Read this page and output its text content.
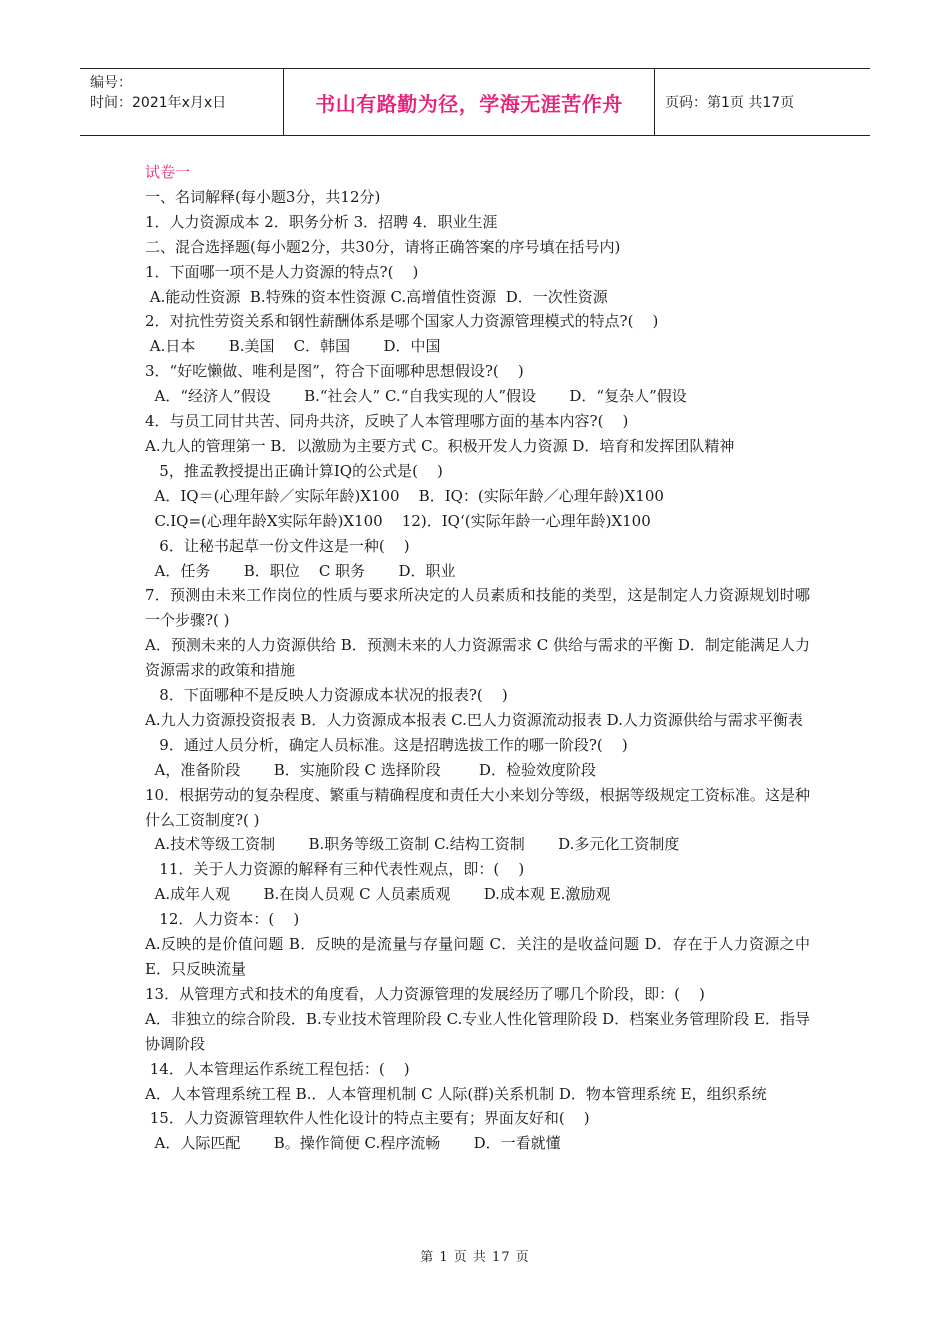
编号：
时间：2021年x月x日	书山有路勤为径，学海无涯苦作舟	页码：第1页 共17页
试卷一
一、名词解释(每小题3分，共12分)
1．人力资源成本 2．职务分析 3．招聘 4．职业生涯
二、混合选择题(每小题2分，共30分，请将正确答案的序号填在括号内)
1．下面哪一项不是人力资源的特点?(    )
A.能动性资源  B.特殊的资本性资源 C.高增值性资源  D．一次性资源
2．对抗性劳资关系和钢性薪酬体系是哪个国家人力资源管理模式的特点?(    )
A.日本       B.美国    C．韩国       D．中国
3．“好吃懒做、唯利是图”，符合下面哪种思想假设?(    )
A．“经济人”假设       B.“社会人” C.“自我实现的人”假设       D．“复杂人”假设
4．与员工同甘共苦、同舟共济，反映了人本管理哪方面的基本内容?(    )
A.九人的管理第一 B．以激励为主要方式 C。积极开发人力资源 D．培育和发挥团队精神
5，推孟教授提出正确计算IQ的公式是(    )
A．IQ＝(心理年龄／实际年龄)X100    B．IQ：(实际年龄／心理年龄)X100
C.IQ=(心理年龄X实际年龄)X100    12)．IQ‘(实际年龄一心理年龄)X100
6．让秘书起草一份文件这是一种(    )
A．任务       B．职位    C 职务       D．职业
7．预测由未来工作岗位的性质与要求所决定的人员素质和技能的类型，这是制定人力资源规划时哪一个步骤?( )
A．预测未来的人力资源供给 B．预测未来的人力资源需求 C 供给与需求的平衡 D．制定能满足人力资源需求的政策和措施
8．下面哪种不是反映人力资源成本状况的报表?(    )
A.九人力资源投资报表 B．人力资源成本报表 C.巴人力资源流动报表 D.人力资源供给与需求平衡表
9．通过人员分析，确定人员标准。这是招聘选拔工作的哪一阶段?(    )
A，准备阶段       B．实施阶段 C 选择阶段        D．检验效度阶段
10．根据劳动的复杂程度、繁重与精确程度和责任大小来划分等级，根据等级规定工资标准。这是种什么工资制度?( )
A.技术等级工资制       B.职务等级工资制 C.结构工资制       D.多元化工资制度
11．关于人力资源的解释有三种代表性观点，即：(    )
A.成年人观       B.在岗人员观 C 人员素质观       D.成本观 E.激励观
12．人力资本：(    )
A.反映的是价值问题 B．反映的是流量与存量问题 C．关注的是收益问题 D．存在于人力资源之中 E．只反映流量
13．从管理方式和技术的角度看，人力资源管理的发展经历了哪几个阶段，即：(    )
A．非独立的综合阶段．B.专业技术管理阶段 C.专业人性化管理阶段 D．档案业务管理阶段 E．指导协调阶段
14．人本管理运作系统工程包括：(    )
A．人本管理系统工程 B.．人本管理机制 C 人际(群)关系机制 D．物本管理系统 E，组织系统
15．人力资源管理软件人性化设计的特点主要有；界面友好和(    )
A．人际匹配       B。操作简便 C.程序流畅       D．一看就懂
第 1 页 共 17 页
